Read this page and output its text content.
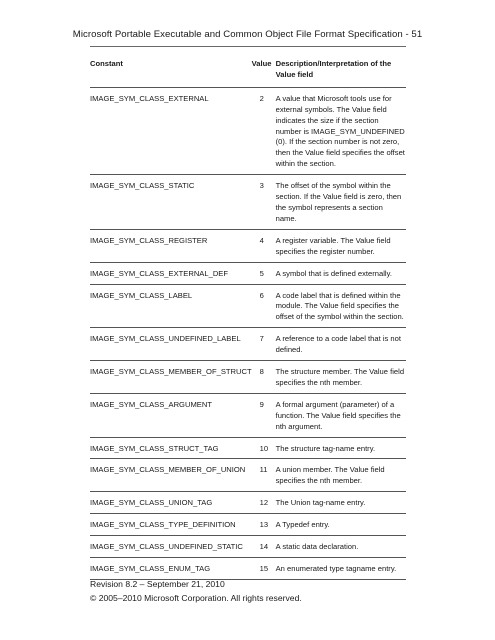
Microsoft Portable Executable and Common Object File Format Specification - 51
Constant	Value	Description/Interpretation of the Value field
IMAGE_SYM_CLASS_EXTERNAL	2	A value that Microsoft tools use for external symbols. The Value field indicates the size if the section number is IMAGE_SYM_UNDEFINED (0). If the section number is not zero, then the Value field specifies the offset within the section.
IMAGE_SYM_CLASS_STATIC	3	The offset of the symbol within the section. If the Value field is zero, then the symbol represents a section name.
IMAGE_SYM_CLASS_REGISTER	4	A register variable. The Value field specifies the register number.
IMAGE_SYM_CLASS_EXTERNAL_DEF	5	A symbol that is defined externally.
IMAGE_SYM_CLASS_LABEL	6	A code label that is defined within the module. The Value field specifies the offset of the symbol within the section.
IMAGE_SYM_CLASS_UNDEFINED_LABEL	7	A reference to a code label that is not defined.
IMAGE_SYM_CLASS_MEMBER_OF_STRUCT	8	The structure member. The Value field specifies the nth member.
IMAGE_SYM_CLASS_ARGUMENT	9	A formal argument (parameter) of a function. The Value field specifies the nth argument.
IMAGE_SYM_CLASS_STRUCT_TAG	10	The structure tag-name entry.
IMAGE_SYM_CLASS_MEMBER_OF_UNION	11	A union member. The Value field specifies the nth member.
IMAGE_SYM_CLASS_UNION_TAG	12	The Union tag-name entry.
IMAGE_SYM_CLASS_TYPE_DEFINITION	13	A Typedef entry.
IMAGE_SYM_CLASS_UNDEFINED_STATIC	14	A static data declaration.
IMAGE_SYM_CLASS_ENUM_TAG	15	An enumerated type tagname entry.
Revision 8.2 – September 21, 2010
© 2005–2010 Microsoft Corporation. All rights reserved.
